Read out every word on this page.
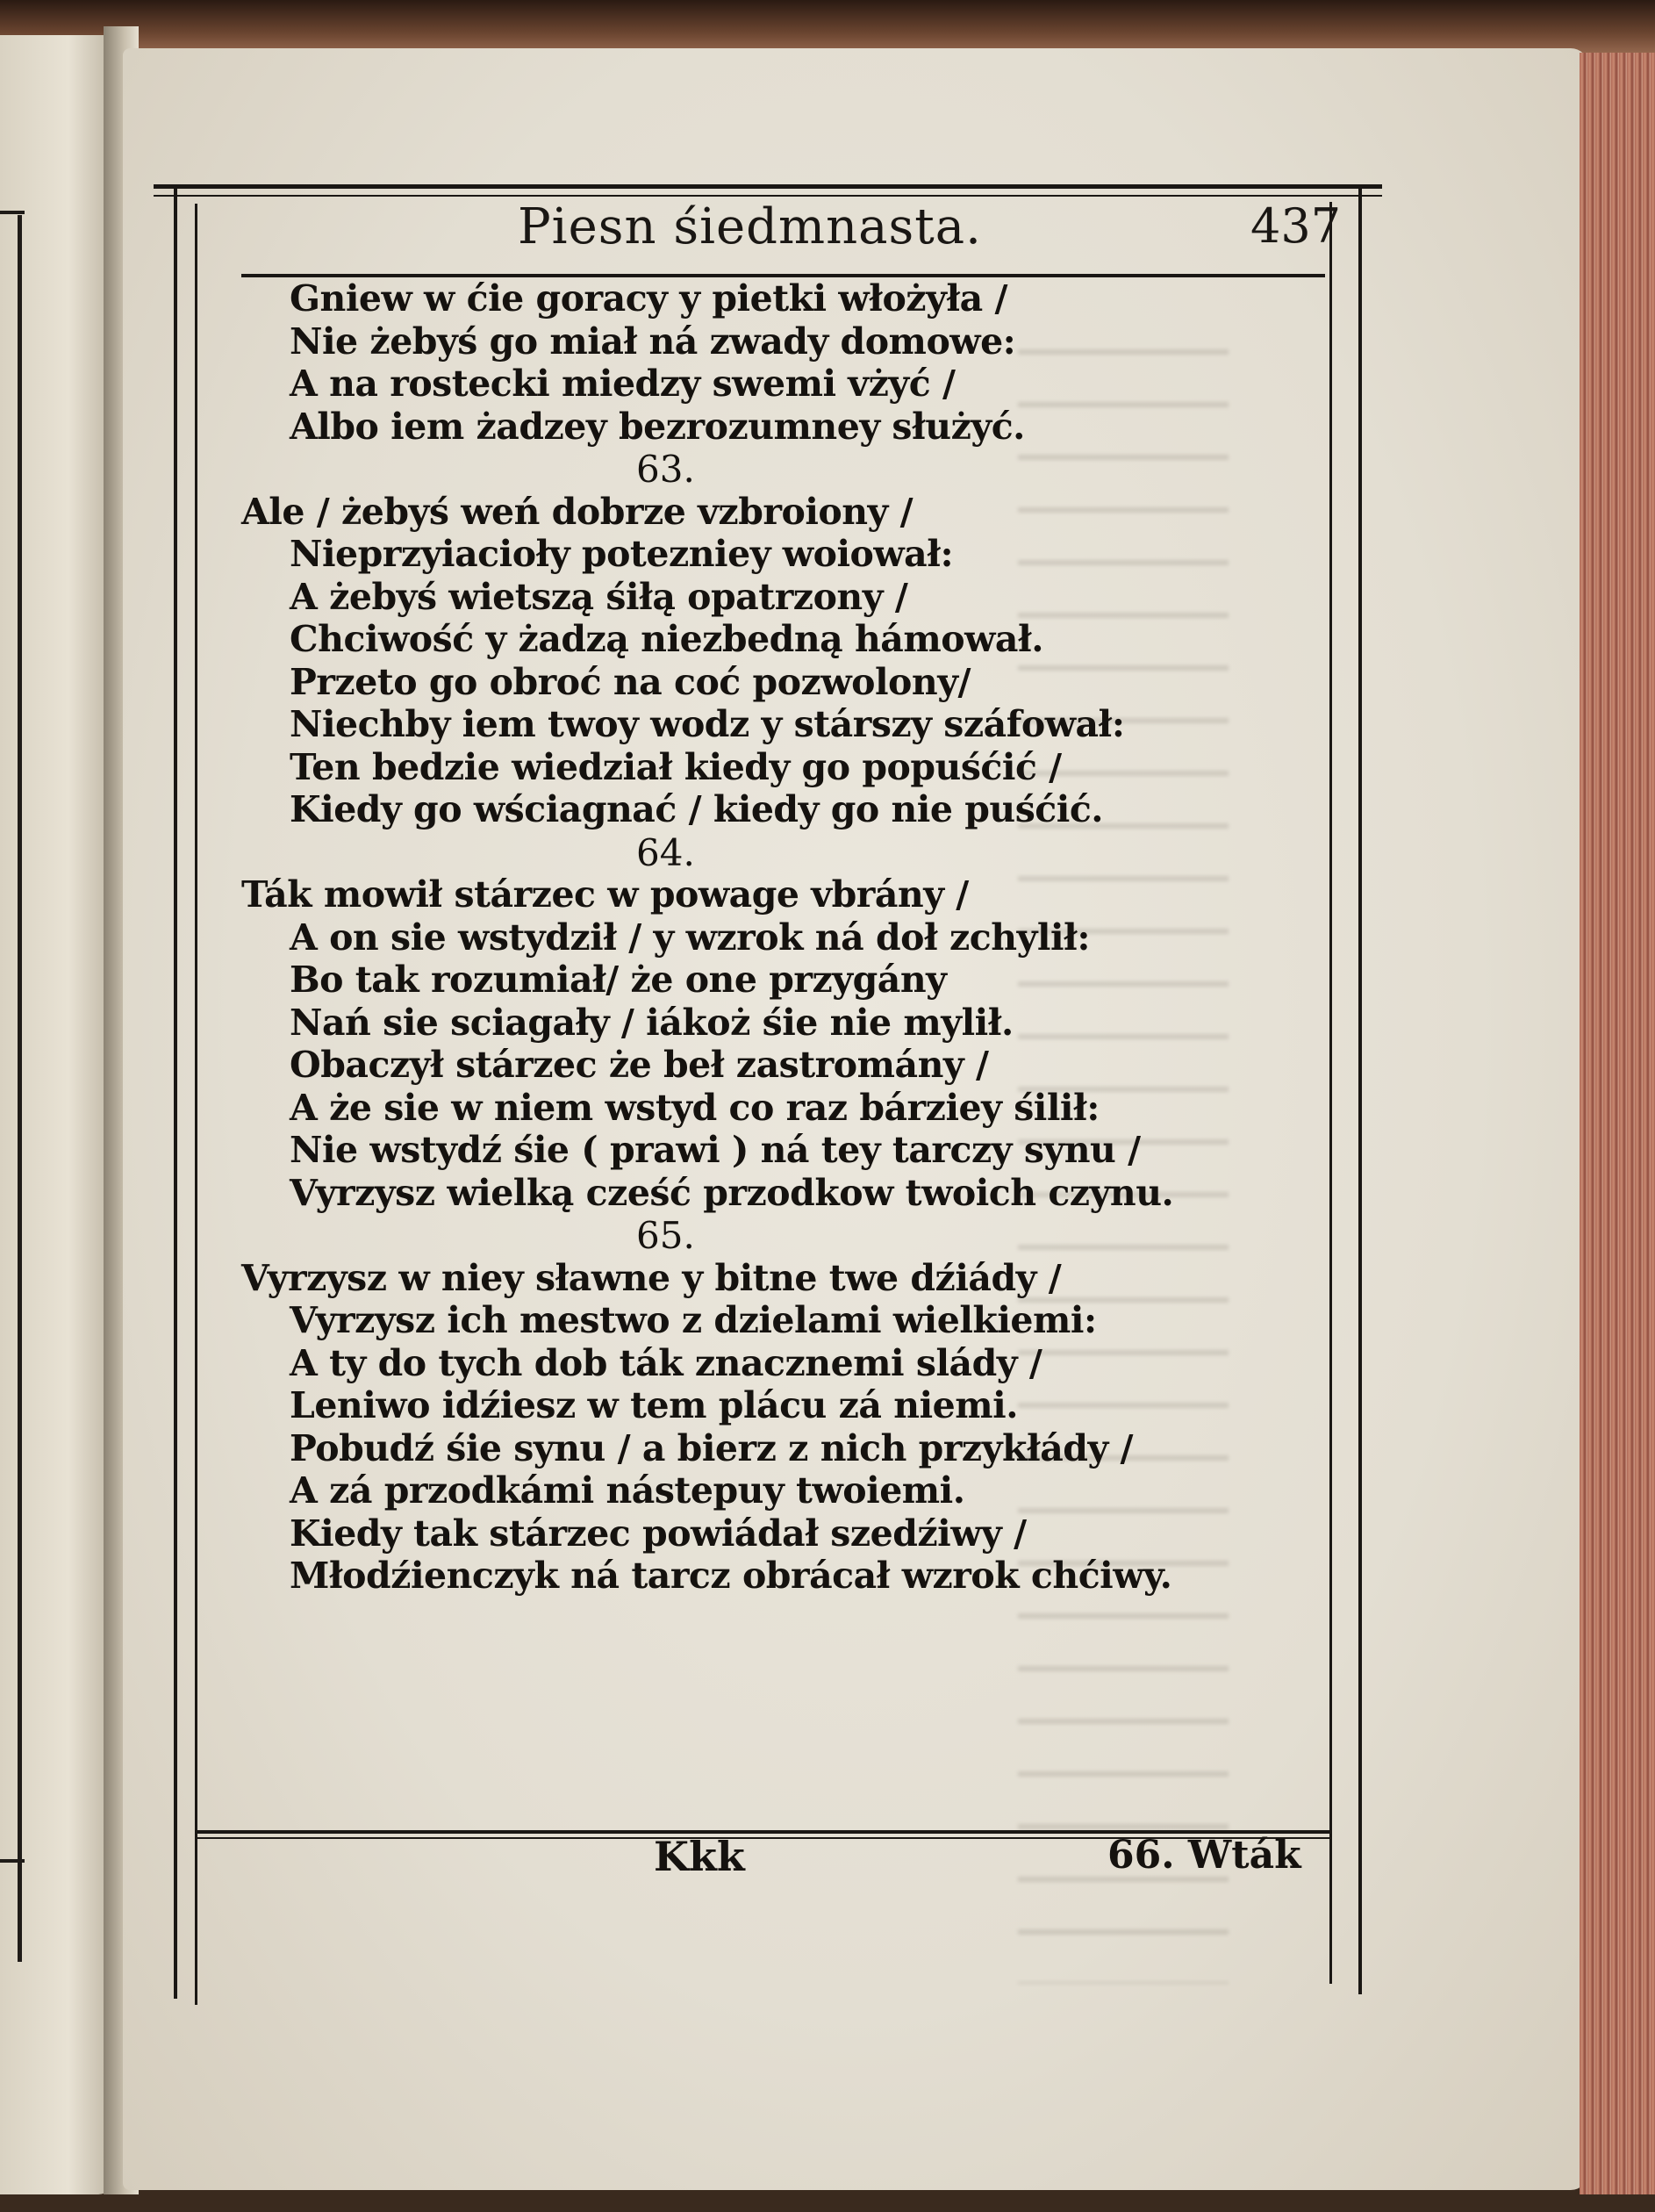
Piesn śiedmnasta.	437
Gniew w ćie goracy y pietki włożyła /
Nie żebyś go miał ná zwady domowe:
A na rostecki miedzy swemi vżyć /
Albo iem żadzey bezrozumney służyć.
63.
Ale / żebyś weń dobrze vzbroiony /
Nieprzyiacioły potezniey woiował:
A żebyś wietszą śiłą opatrzony /
Chciwość y żadzą niezbedną hámował.
Przeto go obroć na coć pozwolony/
Niechby iem twoy wodz y stárszy száfował:
Ten bedzie wiedział kiedy go popuśćić /
Kiedy go wściagnać / kiedy go nie puśćić.
64.
Ták mowił stárzec w powage vbrány /
A on sie wstydził / y wzrok ná doł zchylił:
Bo tak rozumiał/ że one przygány
Nań sie sciagały / iákoż śie nie mylił.
Obaczył stárzec że beł zastromány /
A że sie w niem wstyd co raz bárziey śilił:
Nie wstydź śie ( prawi ) ná tey tarczy synu /
Vyrzysz wielką cześć przodkow twoich czynu.
65.
Vyrzysz w niey sławne y bitne twe dźiády /
Vyrzysz ich mestwo z dzielami wielkiemi:
A ty do tych dob ták znacznemi slády /
Leniwo idźiesz w tem plácu zá niemi.
Pobudź śie synu / a bierz z nich przykłády /
A zá przodkámi nástepuy twoiemi.
Kiedy tak stárzec powiádał szedźiwy /
Młodźienczyk ná tarcz obrácał wzrok chćiwy.
Kkk	66. Wták
